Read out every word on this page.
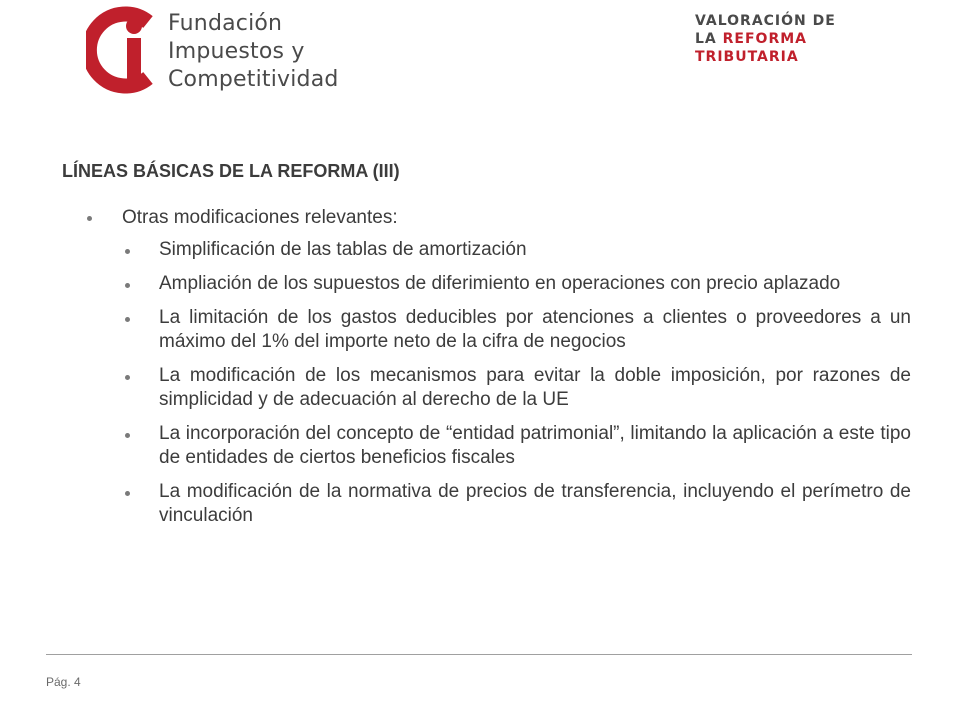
Fundación
Impuestos y
Competitividad
VALORACIÓN DE
LA REFORMA
TRIBUTARIA
LÍNEAS BÁSICAS DE LA REFORMA (III)
Otras modificaciones relevantes:
Simplificación de las tablas de amortización
Ampliación de los supuestos de diferimiento en operaciones con precio aplazado
La limitación de los gastos deducibles por atenciones a clientes o proveedores a un máximo del 1% del importe neto de la cifra de negocios
La modificación de los mecanismos para evitar la doble imposición, por razones de simplicidad y de adecuación al derecho de la UE
La incorporación del concepto de “entidad patrimonial”, limitando la aplicación a este tipo de entidades de ciertos beneficios fiscales
La modificación de la normativa de precios de transferencia, incluyendo el perímetro de vinculación
Pág. 4
